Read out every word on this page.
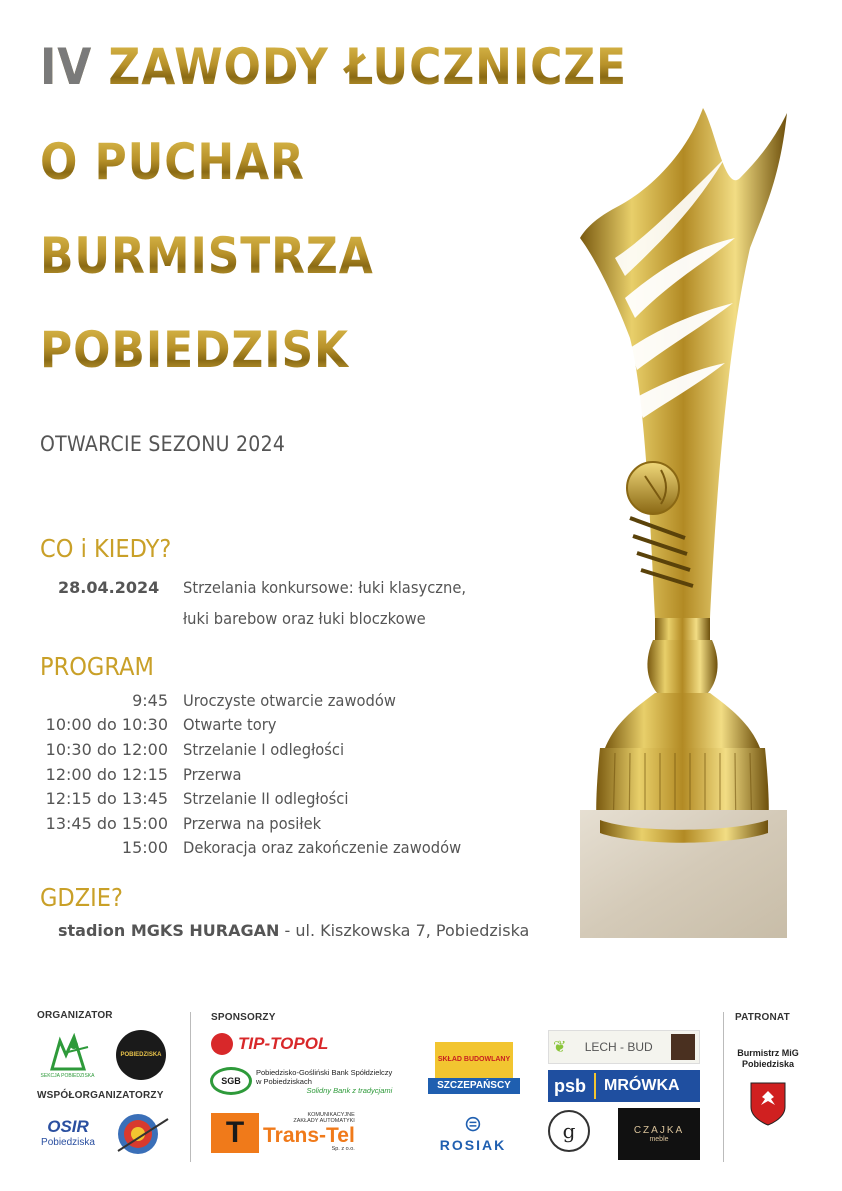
IV ZAWODY ŁUCZNICZE
O PUCHAR
BURMISTRZA
POBIEDZISK
OTWARCIE SEZONU 2024
CO i KIEDY?
28.04.2024 Strzelania konkursowe: łuki klasyczne,
łuki barebow oraz łuki bloczkowe
PROGRAM
9:45 Uroczyste otwarcie zawodów
10:00 do 10:30 Otwarte tory
10:30 do 12:00 Strzelanie I odległości
12:00 do 12:15 Przerwa
12:15 do 13:45 Strzelanie II odległości
13:45 do 15:00 Przerwa na posiłek
15:00 Dekoracja oraz zakończenie zawodów
GDZIE?
stadion MGKS HURAGAN - ul. Kiszkowska 7, Pobiedziska
ORGANIZATOR
WSPÓŁORGANIZATORZY
SPONSORZY	PATRONAT
SEKCJA POBIEDZISKA
POBIEDZISKA
OSIR
Pobiedziska
TIP-TOPOL
SGB
Pobiedzisko-Gośliński Bank Spółdzielczy
w Pobiedziskach
Solidny Bank z tradycjami
T
KOMUNIKACYJNE
ZAKŁADY AUTOMATYKI
Trans-Tel
Sp. z o.o.
SKŁAD BUDOWLANY
SZCZEPAŃSCY
⊜
ROSIAK
❦ LECH - BUD
psb MRÓWKA
g	CZAJKA
meble
Burmistrz MiG
Pobiedziska
